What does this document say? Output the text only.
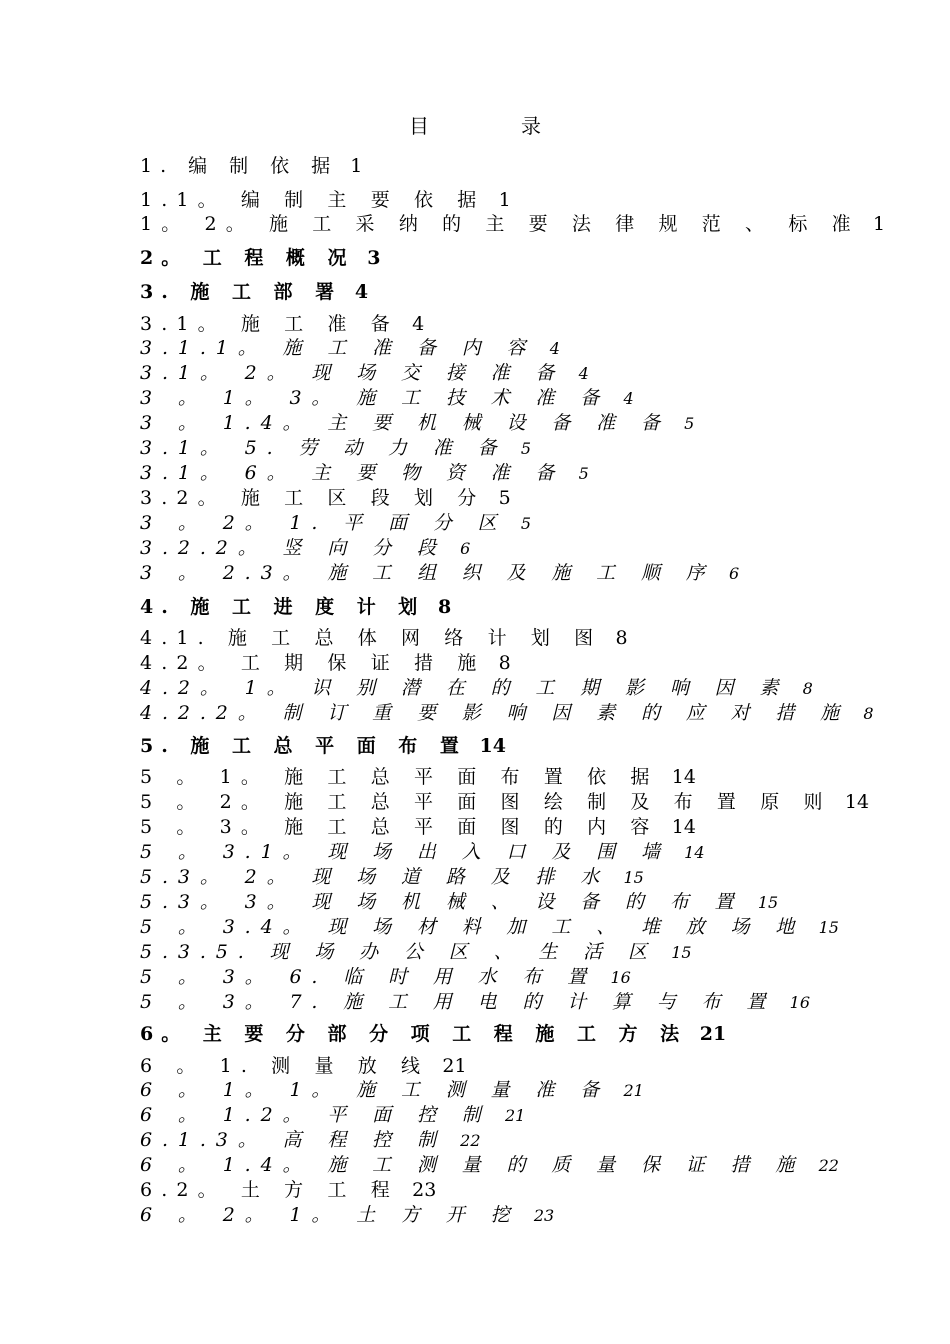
目	录
1. 编 制 依 据 1
1.1。 编 制 主 要 依 据 1
1。 2。 施 工 采 纳 的 主 要 法 律 规 范 、 标 准 1
2。 工 程 概 况 3
3. 施 工 部 署 4
3.1。 施 工 准 备 4
3.1.1。 施 工 准 备 内 容 4
3.1。 2。 现 场 交 接 准 备 4
3 。 1。 3。 施 工 技 术 准 备 4
3 。 1.4。 主 要 机 械 设 备 准 备 5
3.1。 5. 劳 动 力 准 备 5
3.1。 6。 主 要 物 资 准 备 5
3.2。 施 工 区 段 划 分 5
3 。 2。 1. 平 面 分 区 5
3.2.2。 竖 向 分 段 6
3 。 2.3。 施 工 组 织 及 施 工 顺 序 6
4. 施 工 进 度 计 划 8
4.1. 施 工 总 体 网 络 计 划 图 8
4.2。 工 期 保 证 措 施 8
4.2。 1。 识 别 潜 在 的 工 期 影 响 因 素 8
4.2.2。 制 订 重 要 影 响 因 素 的 应 对 措 施 8
5. 施 工 总 平 面 布 置 14
5 。 1。 施 工 总 平 面 布 置 依 据 14
5 。 2。 施 工 总 平 面 图 绘 制 及 布 置 原 则 14
5 。 3。 施 工 总 平 面 图 的 内 容 14
5 。 3.1。 现 场 出 入 口 及 围 墙 14
5.3。 2。 现 场 道 路 及 排 水 15
5.3。 3。 现 场 机 械 、 设 备 的 布 置 15
5 。 3.4。 现 场 材 料 加 工 、 堆 放 场 地 15
5.3.5. 现 场 办 公 区 、 生 活 区 15
5 。 3。 6. 临 时 用 水 布 置 16
5 。 3。 7. 施 工 用 电 的 计 算 与 布 置 16
6。 主 要 分 部 分 项 工 程 施 工 方 法 21
6 。 1. 测 量 放 线 21
6 。 1。 1。 施 工 测 量 准 备 21
6 。 1.2。 平 面 控 制 21
6.1.3。 高 程 控 制 22
6 。 1.4。 施 工 测 量 的 质 量 保 证 措 施 22
6.2。 土 方 工 程 23
6 。 2。 1。 土 方 开 挖 23
